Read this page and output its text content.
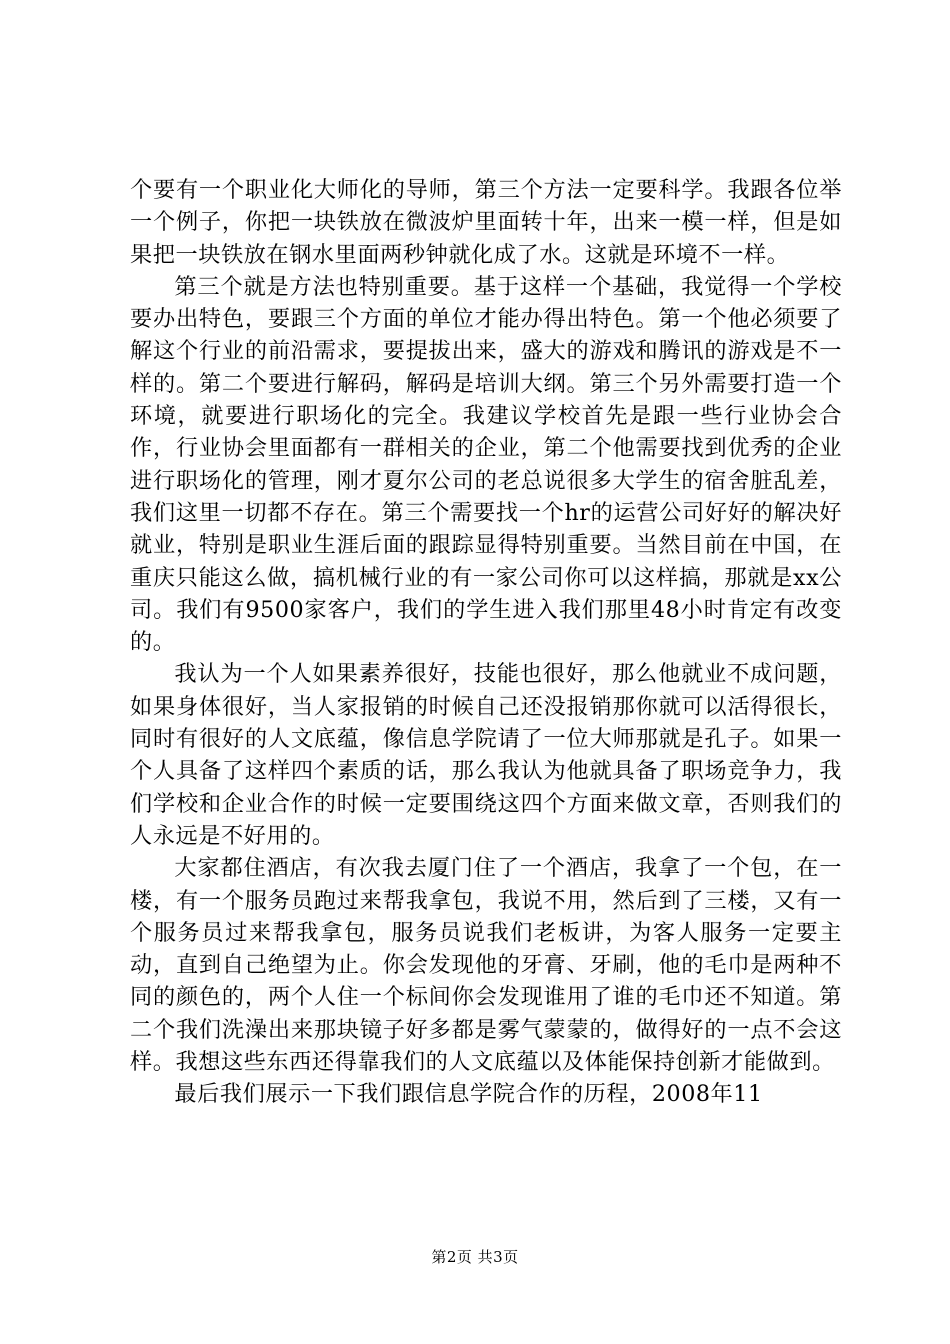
个要有一个职业化大师化的导师，第三个方法一定要科学。我跟各位举一个例子，你把一块铁放在微波炉里面转十年，出来一模一样，但是如果把一块铁放在钢水里面两秒钟就化成了水。这就是环境不一样。

第三个就是方法也特别重要。基于这样一个基础，我觉得一个学校要办出特色，要跟三个方面的单位才能办得出特色。第一个他必须要了解这个行业的前沿需求，要提拔出来，盛大的游戏和腾讯的游戏是不一样的。第二个要进行解码，解码是培训大纲。第三个另外需要打造一个环境，就要进行职场化的完全。我建议学校首先是跟一些行业协会合作，行业协会里面都有一群相关的企业，第二个他需要找到优秀的企业进行职场化的管理，刚才夏尔公司的老总说很多大学生的宿舍脏乱差，我们这里一切都不存在。第三个需要找一个hr的运营公司好好的解决好就业，特别是职业生涯后面的跟踪显得特别重要。当然目前在中国，在重庆只能这么做，搞机械行业的有一家公司你可以这样搞，那就是xx公司。我们有9500家客户，我们的学生进入我们那里48小时肯定有改变的。

我认为一个人如果素养很好，技能也很好，那么他就业不成问题，如果身体很好，当人家报销的时候自己还没报销那你就可以活得很长，同时有很好的人文底蕴，像信息学院请了一位大师那就是孔子。如果一个人具备了这样四个素质的话，那么我认为他就具备了职场竞争力，我们学校和企业合作的时候一定要围绕这四个方面来做文章，否则我们的人永远是不好用的。

大家都住酒店，有次我去厦门住了一个酒店，我拿了一个包，在一楼，有一个服务员跑过来帮我拿包，我说不用，然后到了三楼，又有一个服务员过来帮我拿包，服务员说我们老板讲，为客人服务一定要主动，直到自己绝望为止。你会发现他的牙膏、牙刷，他的毛巾是两种不同的颜色的，两个人住一个标间你会发现谁用了谁的毛巾还不知道。第二个我们洗澡出来那块镜子好多都是雾气蒙蒙的，做得好的一点不会这样。我想这些东西还得靠我们的人文底蕴以及体能保持创新才能做到。

最后我们展示一下我们跟信息学院合作的历程，2008年11

第2页 共3页
